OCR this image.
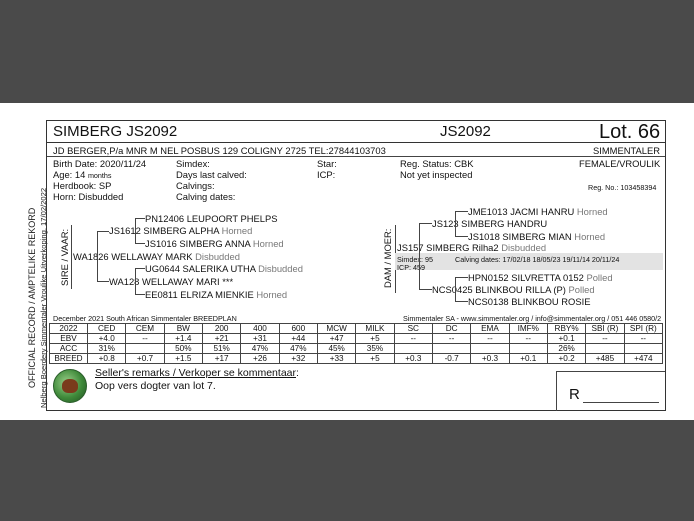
OFFICIAL RECORD / AMPTELIKE REKORD Nelberg Boerdery Simmentaler Vroulike Uitverkoping, 17/02/2022
SIMBERG JS2092	JS2092	Lot. 66
JD BERGER,P/a MNR M NEL POSBUS 129 COLIGNY 2725 TEL:27844103703	SIMMENTALER
Birth Date: 2020/11/24
Age: 14 months
Herdbook: SP
Horn: Disbudded
Simdex:
Days last calved:
Calvings:
Calving dates:
Star:
ICP:
Reg. Status: CBK
Not yet inspected
FEMALE/VROULIK
Reg. No.: 103458394
SIRE / VAAR:
PN12406 LEUPOORT PHELPS
JS1612 SIMBERG ALPHA Horned
JS1016 SIMBERG ANNA Horned
WA1826 WELLAWAY MARK Disbudded
UG0644 SALERIKA UTHA Disbudded
WA128 WELLAWAY MARI ***
EE0811 ELRIZA MIENKIE Horned
DAM / MOER:
JME1013 JACMI HANRU Horned
JS123 SIMBERG HANDRU
JS1018 SIMBERG MIAN Horned
JS157 SIMBERG Rilha2 Disbudded
Simdex: 95	Calving dates: 17/02/18 18/05/23 19/11/14 20/11/24
ICP: 459
HPN0152 SILVRETTA 0152 Polled
NCS0425 BLINKBOU RILLA (P) Polled
NCS0138 BLINKBOU ROSIE
December 2021 South African Simmentaler BREEDPLAN	Simmentaler SA - www.simmentaler.org / info@simmentaler.org / 051 446 0580/2
2022	CED	CEM	BW	200	400	600	MCW	MILK	SC	DC	EMA	IMF%	RBY%	SBI (R)	SPI (R)
EBV	+4.0	--	+1.4	+21	+31	+44	+47	+5	--	--	--	--	+0.1	--	--
ACC	31%		50%	51%	47%	47%	45%	35%					26%		
BREED	+0.8	+0.7	+1.5	+17	+26	+32	+33	+5	+0.3	-0.7	+0.3	+0.1	+0.2	+485	+474
Seller's remarks / Verkoper se kommentaar:
Oop vers dogter van lot 7.	R
